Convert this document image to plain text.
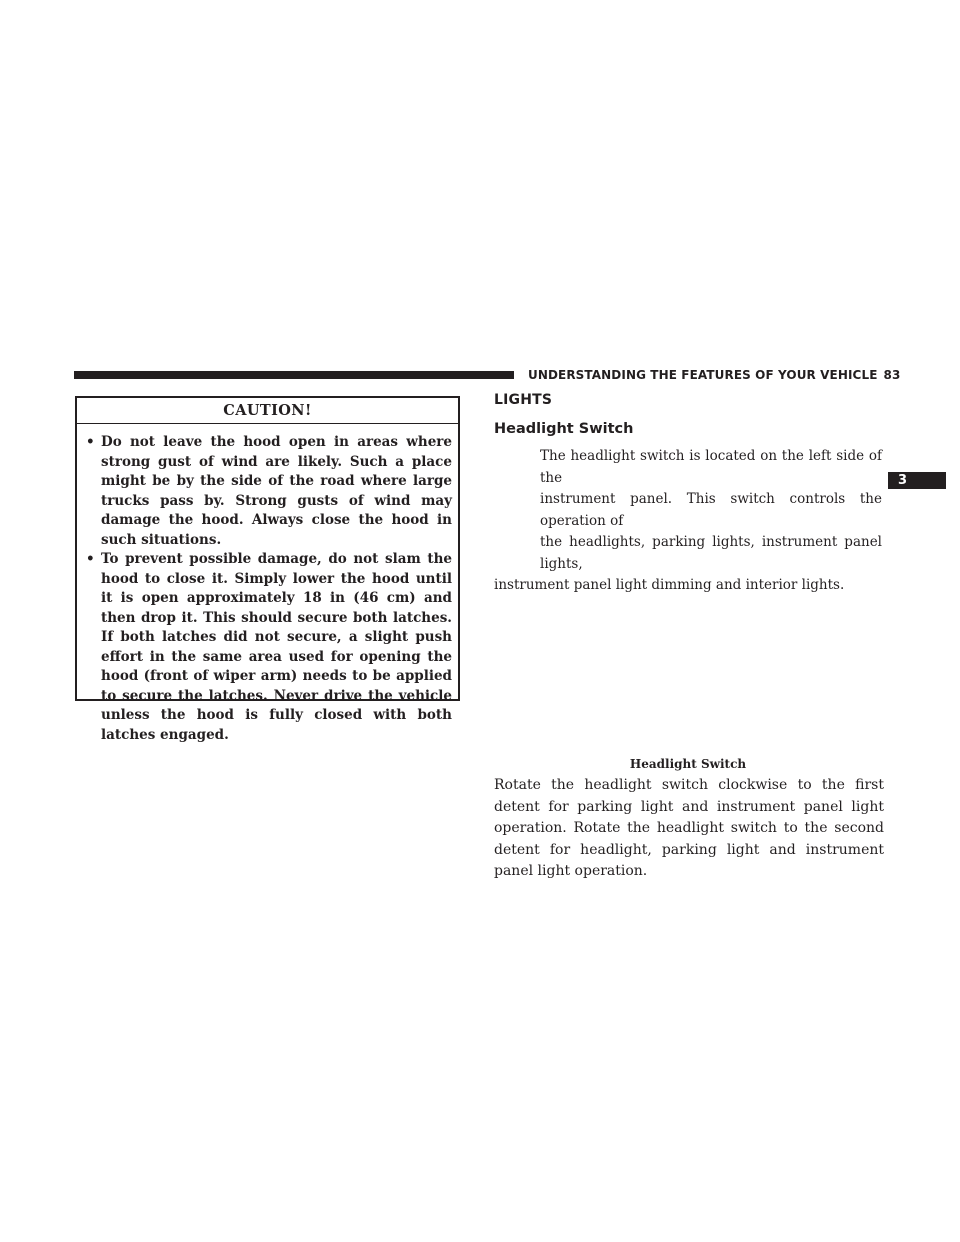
UNDERSTANDING THE FEATURES OF YOUR VEHICLE 83
CAUTION!
• Do not leave the hood open in areas where strong gust of wind are likely. Such a place might be by the side of the road where large trucks pass by. Strong gusts of wind may damage the hood. Always close the hood in such situations.
• To prevent possible damage, do not slam the hood to close it. Simply lower the hood until it is open approximately 18 in (46 cm) and then drop it. This should secure both latches. If both latches did not secure, a slight push effort in the same area used for opening the hood (front of wiper arm) needs to be applied to secure the latches. Never drive the vehicle unless the hood is fully closed with both latches engaged.
LIGHTS
Headlight Switch
The headlight switch is located on the left side of the
instrument panel. This switch controls the operation of
the headlights, parking lights, instrument panel lights,
instrument panel light dimming and interior lights.
Headlight Switch
Rotate the headlight switch clockwise to the first detent for parking light and instrument panel light operation. Rotate the headlight switch to the second detent for headlight, parking light and instrument panel light operation.
3
